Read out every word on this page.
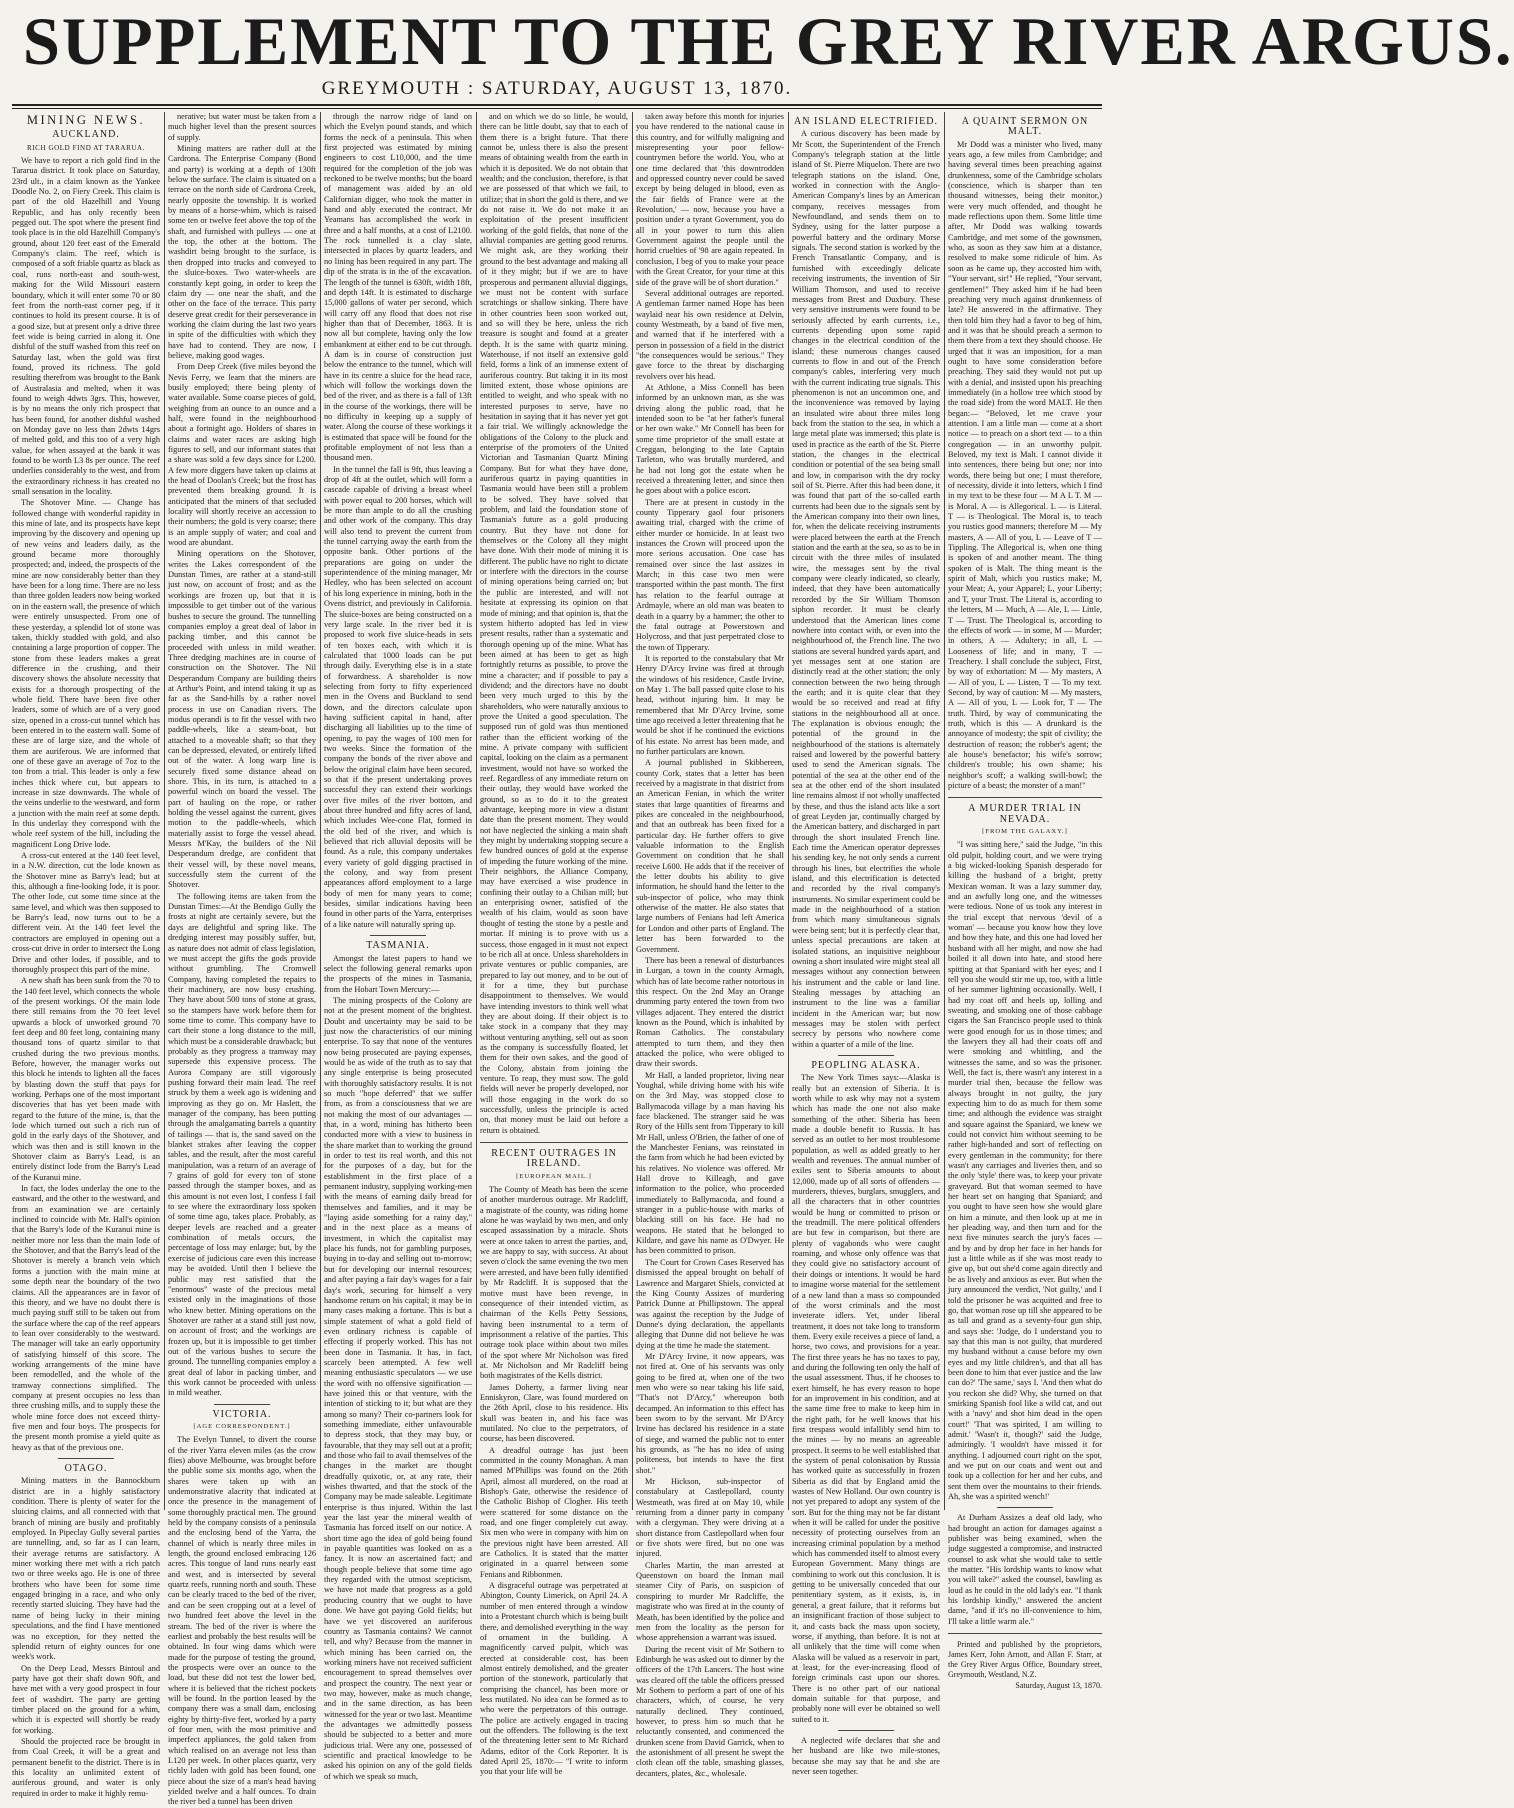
SUPPLEMENT TO THE GREY RIVER ARGUS.
GREYMOUTH : SATURDAY, AUGUST 13, 1870.
MINING NEWS.
AUCKLAND.
RICH GOLD FIND AT TARARUA.

We have to report a rich gold find in the Tararua district. It took place on Saturday, 23rd ult., in a claim known as the Yankee Doodle No. 2, on Fiery Creek. This claim is part of the old Hazelhill and Young Republic, and has only recently been pegged out. The spot where the present find took place is in the old Hazelhill Company's ground, about 120 feet east of the Emerald Company's claim. The reef, which is composed of a soft friable quartz as black as coal, runs north-east and south-west, making for the Wild Missouri eastern boundary, which it will enter some 70 or 80 feet from the north-east corner peg, if it continues to hold its present course. It is of a good size, but at present only a drive three feet wide is being carried in along it. One dishful of the stuff washed from this reef on Saturday last, when the gold was first found, proved its richness. The gold resulting therefrom was brought to the Bank of Australasia and melted, when it was found to weigh 4dwts 3grs. This, however, is by no means the only rich prospect that has been found, for another dishful washed on Monday gave no less than 2dwts 14grs of melted gold, and this too of a very high value, for when assayed at the bank it was found to be worth L3 8s per ounce. The reef underlies considerably to the west, and from the extraordinary richness it has created no small sensation in the locality.

The Shotover Mine. — Change has followed change with wonderful rapidity in this mine of late, and its prospects have kept improving by the discovery and opening up of new veins and leaders daily, as the ground became more thoroughly prospected; and, indeed, the prospects of the mine are now considerably better than they have been for a long time. There are no less than three golden leaders now being worked on in the eastern wall, the presence of which were entirely unsuspected. From one of these yesterday, a splendid lot of stone was taken, thickly studded with gold, and also containing a large proportion of copper. The stone from these leaders makes a great difference in the crushing, and their discovery shows the absolute necessity that exists for a thorough prospecting of the whole field. There have been five other leaders, some of which are of a very good size, opened in a cross-cut tunnel which has been entered in to the eastern wall. Some of these are of large size, and the whole of them are auriferous. We are informed that one of these gave an average of 7oz to the ton from a trial. This leader is only a few inches thick where cut, but appears to increase in size downwards. The whole of the veins underlie to the westward, and form a junction with the main reef at some depth. In this underlay they correspond with the whole reef system of the hill, including the magnificent Long Drive lode.

A cross-cut entered at the 140 feet level, in a N.W. direction, cut the lode known as the Shotover mine as Barry's lead; but at this, although a fine-looking lode, it is poor. The other lode, cut some time since at the same level, and which was then supposed to be Barry's lead, now turns out to be a different vein. At the 140 feet level the contractors are employed in opening out a cross-cut drive in order to intersect the Long Drive and other lodes, if possible, and to thoroughly prospect this part of the mine.

A new shaft has been sunk from the 70 to the 140 feet level, which connects the whole of the present workings. Of the main lode there still remains from the 70 feet level upwards a block of unworked ground 70 feet deep and 80 feet long, containing many thousand tons of quartz similar to that crushed during the two previous months. Before, however, the manager works out this block he intends to lighten all the faces by blasting down the stuff that pays for working. Perhaps one of the most important discoveries that has yet been made with regard to the future of the mine, is, that the lode which turned out such a rich run of gold in the early days of the Shotover, and which was then and is still known in the Shotover claim as Barry's Lead, is an entirely distinct lode from the Barry's Lead of the Kuranui mine.

In fact, the lodes underlay the one to the eastward, and the other to the westward, and from an examination we are certainly inclined to coincide with Mr. Hall's opinion that the Barry's lode of the Kuranui mine is neither more nor less than the main lode of the Shotover, and that the Barry's lead of the Shotover is merely a branch vein which forms a junction with the main mine at some depth near the boundary of the two claims. All the appearances are in favor of this theory, and we have no doubt there is much paying stuff still to be taken out from the surface where the cap of the reef appears to lean over considerably to the westward. The manager will take an early opportunity of satisfying himself of this score. The working arrangements of the mine have been remodelled, and the whole of the tramway connections simplified. The company at present occupies no less than three crushing mills, and to supply these the whole mine force does not exceed thirty-five men and four boys. The prospects for the present month promise a yield quite as heavy as that of the previous one.

OTAGO.

Mining matters in the Bannockburn district are in a highly satisfactory condition. There is plenty of water for the sluicing claims, and all connected with that branch of mining are busily and profitably employed. In Pipeclay Gully several parties are tunnelling, and, so far as I can learn, their average returns are satisfactory. A miner working there met with a rich patch two or three weeks ago. He is one of three brothers who have been for some time engaged bringing in a race, and who only recently started sluicing. They have had the name of being lucky in their mining speculations, and the find I have mentioned was no exception, for they netted the splendid return of eighty ounces for one week's work.

On the Deep Lead, Messrs Bintoul and party have got their shaft down 90ft, and have met with a very good prospect in four feet of washdirt. The party are getting timber placed on the ground for a whim, which it is expected will shortly be ready for working.

Should the projected race be brought in from Coal Creek, it will be a great and permanent benefit to the district. There is in this locality an unlimited extent of auriferous ground, and water is only required in order to make it highly remu-

nerative; but water must be taken from a much higher level than the present sources of supply.

Mining matters are rather dull at the Cardrona. The Enterprise Company (Bond and party) is working at a depth of 130ft below the surface. The claim is situated on a terrace on the north side of Cardrona Creek, nearly opposite the township. It is worked by means of a horse-whim, which is raised some ten or twelve feet above the top of the shaft, and furnished with pulleys — one at the top, the other at the bottom. The washdirt being brought to the surface, is then dropped into trucks and conveyed to the sluice-boxes. Two water-wheels are constantly kept going, in order to keep the claim dry — one near the shaft, and the other on the face of the terrace. This party deserve great credit for their perseverance in working the claim during the last two years in spite of the difficulties with which they have had to contend. They are now, I believe, making good wages.

From Deep Creek (five miles beyond the Nevis Ferry, we learn that the miners are busily employed; there being plenty of water available. Some coarse pieces of gold, weighing from an ounce to an ounce and a half, were found in the neighbourhood about a fortnight ago. Holders of shares in claims and water races are asking high figures to sell, and our informant states that a share was sold a few days since for L200. A few more diggers have taken up claims at the head of Doolan's Creek; but the frost has prevented them breaking ground. It is anticipated that the miners of that secluded locality will shortly receive an accession to their numbers; the gold is very coarse; there is an ample supply of water; and coal and wood are abundant.

Mining operations on the Shotover, writes the Lakes correspondent of the Dunstan Times, are rather at a stand-still just now, on account of frost; and as the workings are frozen up, but that it is impossible to get timber out of the various bushes to secure the ground. The tunnelling companies employ a great deal of labor in packing timber, and this cannot be proceeded with unless in mild weather. Three dredging machines are in course of construction on the Shotover. The Nil Desperandum Company are building theirs at Arthur's Point, and intend taking it up as far as the Sand-hills by a rather novel process in use on Canadian rivers. The modus operandi is to fit the vessel with two paddle-wheels, like a steam-boat, but attached to a moveable shaft; so that they can be depressed, elevated, or entirely lifted out of the water. A long warp line is securely fixed some distance ahead on shore. This, in its turn, is attached to a powerful winch on board the vessel. The part of hauling on the rope, or rather holding the vessel against the current, gives motion to the paddle-wheels, which materially assist to forge the vessel ahead. Messrs M'Kay, the builders of the Nil Desperandum dredge, are confident that their vessel will, by these novel means, successfully stem the current of the Shotover.

The following items are taken from the Dunstan Times:—At the Bendigo Gully the frosts at night are certainly severe, but the days are delightful and spring like. The dredging interest may possibly suffer, but, as nature does not admit of class legislation, we must accept the gifts the gods provide without grumbling. The Cromwell Company, having completed the repairs to their machinery, are now busy crushing. They have about 500 tons of stone at grass, so the stampers have work before them for some time to come. This company have to cart their stone a long distance to the mill, which must be a considerable drawback; but probably as they progress a tramway may supersede this expensive process. The Aurora Company are still vigorously pushing forward their main lead. The reef struck by them a week ago is widening and improving as they go on. Mr Haslett, the manager of the company, has been putting through the amalgamating barrels a quantity of tailings — that is, the sand saved on the blanket strakes after leaving the copper tables, and the result, after the most careful manipulation, was a return of an average of 7 grains of gold for every ton of stone passed through the stamper boxes, and as this amount is not even lost, I confess I fail to see where the extraordinary loss spoken of some time ago, takes place. Probably, as deeper levels are reached and a greater combination of metals occurs, the percentage of loss may enlarge; but, by the exercise of judicious care even this increase may be avoided. Until then I believe the public may rest satisfied that the "enormous" waste of the precious metal existed only in the imaginations of those who knew better. Mining operations on the Shotover are rather at a stand still just now, on account of frost; and the workings are frozen up, but it is impossible to get timber out of the various bushes to secure the ground. The tunnelling companies employ a great deal of labor in packing timber, and this work cannot be proceeded with unless in mild weather.

VICTORIA.
[AGE CORRESPONDENT.]

The Evelyn Tunnel, to divert the course of the river Yarra eleven miles (as the crow flies) above Melbourne, was brought before the public some six months ago, when the shares were taken up with an undemonstrative alacrity that indicated at once the presence in the management of some thoroughly practical men. The ground held by the company consists of a peninsula and the enclosing bend of the Yarra, the channel of which is nearly three miles in length, the ground enclosed embracing 126 acres. This tongue of land runs nearly east and west, and is intersected by several quartz reefs, running north and south. These can be clearly traced to the bed of the river, and can be seen cropping out at a level of two hundred feet above the level in the stream. The bed of the river is where the earliest and probably the best results will be obtained. In four wing dams which were made for the purpose of testing the ground, the prospects were over an ounce to the load, but these did not test the lower bed, where it is believed that the richest pockets will be found. In the portion leased by the company there was a small dam, enclosing eighty by thirty-five feet, worked by a party of four men, with the most primitive and imperfect appliances, the gold taken from which realised on an average not less than L120 per week. In other places quartz, very richly laden with gold has been found, one piece about the size of a man's head having yielded twelve and a half ounces. To drain the river bed a tunnel has been driven

through the narrow ridge of land on which the Evelyn pound stands, and which forms the neck of a peninsula. This when first projected was estimated by mining engineers to cost L10,000, and the time required for the completion of the job was reckoned to be twelve months; but the board of management was aided by an old Californian digger, who took the matter in hand and ably executed the contract. Mr Yeamans has accomplished the work in three and a half months, at a cost of L2100. The rock tunnelled is a clay slate, intersected in places by quartz leaders, and no lining has been required in any part. The dip of the strata is in the of the excavation. The length of the tunnel is 630ft, width 18ft, and depth 14ft. It is estimated to discharge 15,000 gallons of water per second, which will carry off any flood that does not rise higher than that of December, 1863. It is now all but complete, having only the low embankment at either end to be cut through. A dam is in course of construction just below the entrance to the tunnel, which will have in its centre a sluice for the head race, which will follow the workings down the bed of the river, and as there is a fall of 13ft in the course of the workings, there will be no difficulty in keeping up a supply of water. Along the course of these workings it is estimated that space will be found for the profitable employment of not less than a thousand men.

In the tunnel the fall is 9ft, thus leaving a drop of 4ft at the outlet, which will form a cascade capable of driving a breast wheel with power equal to 200 horses, which will be more than ample to do all the crushing and other work of the company. This dray will also tend to prevent the current from the tunnel carrying away the earth from the opposite bank. Other portions of the preparations are going on under the superintendence of the mining manager, Mr Hedley, who has been selected on account of his long experience in mining, both in the Ovens district, and previously in California. The sluice-boxes are being constructed on a very large scale. In the river bed it is proposed to work five sluice-heads in sets of ten boxes each, with which it is calculated that 1000 loads can be put through daily. Everything else is in a state of forwardness. A shareholder is now selecting from forty to fifty experienced men in the Ovens and Buckland to send down, and the directors calculate upon having sufficient capital in hand, after discharging all liabilities up to the time of opening, to pay the wages of 100 men for two weeks. Since the formation of the company the bonds of the river above and below the original claim have been secured, so that if the present undertaking proves successful they can extend their workings over five miles of the river bottom, and about three hundred and fifty acres of land, which includes Wee-cone Flat, formed in the old bed of the river, and which is believed that rich alluvial deposits will be found. As a rule, this company undertakes every variety of gold digging practised in the colony, and way from present appearances afford employment to a large body of men for many years to come; besides, similar indications having been found in other parts of the Yarra, enterprises of a like nature will naturally spring up.

TASMANIA.

Amongst the latest papers to hand we select the following general remarks upon the prospects of the mines in Tasmania, from the Hobart Town Mercury:—

The mining prospects of the Colony are not at the present moment of the brightest. Doubt and uncertainty may be said to be just now the characteristics of our mining enterprise. To say that none of the ventures now being prosecuted are paying expenses, would be as wide of the truth as to say that any single enterprise is being prosecuted with thoroughly satisfactory results. It is not so much "hope deferred" that we suffer from, as from a consciousness that we are not making the most of our advantages — that, in a word, mining has hitherto been conducted more with a view to business in the share market than to working the ground in order to test its real worth, and this not for the purposes of a day, but for the establishment in the first place of a permanent industry, supplying working-men with the means of earning daily bread for themselves and families, and it may be "laying aside something for a rainy day," and in the next place as a means of investment, in which the capitalist may place his funds, not for gambling purposes, buying in to-day and selling out to-morrow; but for developing our internal resources; and after paying a fair day's wages for a fair day's work, securing for himself a very handsome return on his capital; it may be in many cases making a fortune. This is but a simple statement of what a gold field of even ordinary richness is capable of effecting if properly worked. This has not been done in Tasmania. It has, in fact, scarcely been attempted. A few well meaning enthusiastic speculators — we use the word with no offensive signification — have joined this or that venture, with the intention of sticking to it; but what are they among so many? Their co-partners look for something immediate, either unfavourable to depress stock, that they may buy, or favourable, that they may sell out at a profit; and those who fail to avail themselves of the changes in the market are thought dreadfully quixotic, or, at any rate, their wishes thwarted, and that the stock of the Company may be made saleable. Legitimate enterprise is thus injured. Within the last year the last year the mineral wealth of Tasmania has forced itself on our notice. A short time ago the idea of gold being found in payable quantities was looked on as a fancy. It is now an ascertained fact; and though people believe that some time ago they regarded with the utmost scepticism, we have not made that progress as a gold producing country that we ought to have done. We have got paying Gold fields; but have we yet discovered an auriferous country as Tasmania contains? We cannot tell, and why? Because from the manner in which mining has been carried on, the working miners have not received sufficient encouragement to spread themselves over and prospect the country. The next year or two may, however, make as much change, and in the same direction, as has been witnessed for the year or two last. Meantime the advantages we admittedly possess should be subjected to a better and more judicious trial. Were any one, possessed of scientific and practical knowledge to be asked his opinion on any of the gold fields of which we speak so much,

and on which we do so little, he would, there can be little doubt, say that to each of them there is a bright future. That there cannot be, unless there is also the present means of obtaining wealth from the earth in which it is deposited. We do not obtain that wealth; and the conclusion, therefore, is that we are possessed of that which we fail, to utilize; that in short the gold is there, and we do not raise it. We do not make it an exploitation of the present insufficient working of the gold fields, that none of the alluvial companies are getting good returns. We might ask, are they working their ground to the best advantage and making all of it they might; but if we are to have prosperous and permanent alluvial diggings, we must not be content with surface scratchings or shallow sinking. There have in other countries been soon worked out, and so will they be here, unless the rich treasure is sought and found at a greater depth. It is the same with quartz mining. Waterhouse, if not itself an extensive gold field, forms a link of an immense extent of auriferous country. But taking it in its most limited extent, those whose opinions are entitled to weight, and who speak with no interested purposes to serve, have no hesitation in saying that it has never yet got a fair trial. We willingly acknowledge the obligations of the Colony to the pluck and enterprise of the promoters of the United Victorian and Tasmanian Quartz Mining Company. But for what they have done, auriferous quartz in paying quantities in Tasmania would have been still a problem to be solved. They have solved that problem, and laid the foundation stone of Tasmania's future as a gold producing country. But they have not done for themselves or the Colony all they might have done. With their mode of mining it is different. The public have no right to dictate or interfere with the directors in the course of mining operations being carried on; but the public are interested, and will not hesitate at expressing its opinion on that mode of mining; and that opinion is, that the system hitherto adopted has led in view present results, rather than a systematic and thorough opening up of the mine. What has been aimed at has been to get as high fortnightly returns as possible, to prove the mine a character; and if possible to pay a dividend; and the directors have no doubt been very much urged to this by the shareholders, who were naturally anxious to prove the United a good speculation. The supposed run of gold was thus mentioned rather than the efficient working of the mine. A private company with sufficient capital, looking on the claim as a permanent investment, would not have so worked the reef. Regardless of any immediate return on their outlay, they would have worked the ground, so as to do it to the greatest advantage, keeping more in view a distant date than the present moment. They would not have neglected the sinking a main shaft they might by undertaking stopping secure a few hundred ounces of gold at the expense of impeding the future working of the mine. Their neighbors, the Alliance Company, may have exercised a wise prudence in confining their outlay to a Chilian mill; but an enterprising owner, satisfied of the wealth of his claim, would as soon have thought of testing the stone by a pestle and mortar. If mining is to prove with us a success, those engaged in it must not expect to be rich all at once. Unless shareholders in private ventures or public companies, are prepared to lay out money, and to be out of it for a time, they but purchase disappointment to themselves. We would have intending investors to think well what they are about doing. If their object is to take stock in a company that they may without venturing anything, sell out as soon as the company is successfully floated, let them for their own sakes, and the good of the Colony, abstain from joining the venture. To reap, they must sow. The gold fields will never be properly developed, nor will those engaging in the work do so successfully, unless the principle is acted on, that money must be laid out before a return is obtained.

RECENT OUTRAGES IN IRELAND.
[EUROPEAN MAIL.]

The County of Meath has been the scene of another murderous outrage. Mr Radcliff, a magistrate of the county, was riding home alone he was waylaid by two men, and only escaped assassination by a miracle. Shots were at once taken to arrest the parties, and, we are happy to say, with success. At about seven o'clock the same evening the two men were arrested, and have been fully identified by Mr Radcliff. It is supposed that the motive must have been revenge, in consequence of their intended victim, as chairman of the Kells Petty Sessions, having been instrumental to a term of imprisonment a relative of the parties. This outrage took place within about two miles of the spot where Mr Nicholson was fired at. Mr Nicholson and Mr Radcliff being both magistrates of the Kells district.

James Doherty, a farmer living near Enniskyron, Clare, was found murdered on the 26th April, close to his residence. His skull was beaten in, and his face was mutilated. No clue to the perpetrators, of course, has been discovered.

A dreadful outrage has just been committed in the county Monaghan. A man named M'Phillips was found on the 26th April, almost all murdered, on the road at Bishop's Gate, otherwise the residence of the Catholic Bishop of Clogher. His teeth were scattered for some distance on the road, and one finger completely cut away. Six men who were in company with him on the previous night have been arrested. All are Catholics. It is stated that the matter originated in a quarrel between some Fenians and Ribbonmen.

A disgraceful outrage was perpetrated at Abington, County Limerick, on April 24. A number of men entered through a window into a Protestant church which is being built there, and demolished everything in the way of ornament in the building. A magnificently carved pulpit, which was erected at considerable cost, has been almost entirely demolished, and the greater portion of the stonework, particularly that comprising the chancel, has been more or less mutilated. No idea can be formed as to who were the perpetrators of this outrage. The police are actively engaged in tracing out the offenders. The following is the text of the threatening letter sent to Mr Richard Adams, editor of the Cork Reporter. It is dated April 25, 1870:— "I write to inform you that your life will be

taken away before this month for injuries you have rendered to the national cause in this country, and for wilfully maligning and misrepresenting your poor fellow-countrymen before the world. You, who at one time declared that 'this downtrodden and oppressed country never could be saved except by being deluged in blood, even as the fair fields of France were at the Revolution,' — now, because you have a position under a tyrant Government, you do all in your power to turn this alien Government against the people until the horrid cruelties of '98 are again repeated. In conclusion, I beg of you to make your peace with the Great Creator, for your time at this side of the grave will be of short duration."

Several additional outrages are reported. A gentleman farmer named Hope has been waylaid near his own residence at Delvin, county Westmeath, by a band of five men, and warned that if he interfered with a person in possession of a field in the district "the consequences would be serious." They gave force to the threat by discharging revolvers over his head.

At Athlone, a Miss Connell has been informed by an unknown man, as she was driving along the public road, that he intended soon to be "at her father's funeral or her own wake." Mr Connell has been for some time proprietor of the small estate at Creggan, belonging to the late Captain Tarleton, who was brutally murdered, and he had not long got the estate when he received a threatening letter, and since then he goes about with a police escort.

There are at present in custody in the county Tipperary gaol four prisoners awaiting trial, charged with the crime of either murder or homicide. In at least two instances the Crown will proceed upon the more serious accusation. One case has remained over since the last assizes in March; in this case two men were transported within the past month. The first has relation to the fearful outrage at Ardmayle, where an old man was beaten to death in a quarry by a hammer; the other to the fatal outrage at Powerstown and Holycross, and that just perpetrated close to the town of Tipperary.

It is reported to the constabulary that Mr Henry D'Arcy Irvine was fired at through the windows of his residence, Castle Irvine, on May 1. The ball passed quite close to his head, without injuring him. It may be remembered that Mr D'Arcy Irvine, some time ago received a letter threatening that he would be shot if he continued the evictions of his estate. No arrest has been made, and no further particulars are known.

A journal published in Skibbereen, county Cork, states that a letter has been received by a magistrate in that district from an American Fenian, in which the writer states that large quantities of firearms and pikes are concealed in the neighbourhood, and that an outbreak has been fixed for a particular day. He further offers to give valuable information to the English Government on condition that he shall receive L600. He adds that if the receiver of the letter doubts his ability to give information, he should hand the letter to the sub-inspector of police, who may think otherwise of the matter. He also states that large numbers of Fenians had left America for London and other parts of England. The letter has been forwarded to the Government.

There has been a renewal of disturbances in Lurgan, a town in the county Armagh, which has of late become rather notorious in this respect. On the 2nd May an Orange drumming party entered the town from two villages adjacent. They entered the district known as the Pound, which is inhabited by Roman Catholics. The constabulary attempted to turn them, and they then attacked the police, who were obliged to draw their swords.

Mr Hall, a landed proprietor, living near Youghal, while driving home with his wife on the 3rd May, was stopped close to Ballymacoda village by a man having his face blackened. The stranger said he was Rory of the Hills sent from Tipperary to kill Mr Hall, unless O'Brien, the father of one of the Manchester Fenians, was reinstated in the farm from which he had been evicted by his relatives. No violence was offered. Mr Hall drove to Killeagh, and gave information to the police, who proceeded immediately to Ballymacoda, and found a stranger in a public-house with marks of blacking still on his face. He had no weapons. He stated that he belonged to Kildare, and gave his name as O'Dwyer. He has been committed to prison.

The Court for Crown Cases Reserved has dismissed the appeal brought on behalf of Lawrence and Margaret Shiels, convicted at the King County Assizes of murdering Patrick Dunne at Phillipstown. The appeal was against the reception by the Judge of Dunne's dying declaration, the appellants alleging that Dunne did not believe he was dying at the time he made the statement.

Mr D'Arcy Irvine, it now appears, was not fired at. One of his servants was only going to be fired at, when one of the two men who were so near taking his life said, "That's not D'Arcy," whereupon both decamped. An information to this effect has been sworn to by the servant. Mr D'Arcy Irvine has declared his residence in a state of siege, and warned the public not to enter his grounds, as "he has no idea of using politeness, but intends to have the first shot."

Mr Hickson, sub-inspector of constabulary at Castlepollard, county Westmeath, was fired at on May 10, while returning from a dinner party in company with a clergyman. They were driving at a short distance from Castlepollard when four or five shots were fired, but no one was injured.

Charles Martin, the man arrested at Queenstown on board the Inman mail steamer City of Paris, on suspicion of conspiring to murder Mr Radcliffe, the magistrate who was fired at in the county of Meath, has been identified by the police and men from the locality as the person for whose apprehension a warrant was issued.

During the recent visit of Mr Sothern to Edinburgh he was asked out to dinner by the officers of the 17th Lancers. The host wine was cleared off the table the officers pressed Mr Sothern to perform a part of one of his characters, which, of course, he very naturally declined. They continued, however, to press him so much that he reluctantly consented, and commenced the drunken scene from David Garrick, when to the astonishment of all present he swept the cloth clean off the table, smashing glasses, decanters, plates, &c., wholesale.

AN ISLAND ELECTRIFIED.

A curious discovery has been made by Mr Scott, the Superintendent of the French Company's telegraph station at the little island of St. Pierre Miquelon. There are two telegraph stations on the island. One, worked in connection with the Anglo-American Company's lines by an American company, receives messages from Newfoundland, and sends them on to Sydney, using for the latter purpose a powerful battery and the ordinary Morse signals. The second station is worked by the French Transatlantic Company, and is furnished with exceedingly delicate receiving instruments, the invention of Sir William Thomson, and used to receive messages from Brest and Duxbury. These very sensitive instruments were found to be seriously affected by earth currents, i.e., currents depending upon some rapid changes in the electrical condition of the island; these numerous changes caused currents to flow in and out of the French company's cables, interfering very much with the current indicating true signals. This phenomenon is not an uncommon one, and the inconvenience was removed by laying an insulated wire about three miles long back from the station to the sea, in which a large metal plate was immersed; this plate is used in practice as the earth of the St. Pierre station, the changes in the electrical condition or potential of the sea being small and low, in comparison with the dry rocky soil of St. Pierre. After this had been done, it was found that part of the so-called earth currents had been due to the signals sent by the American company into their own lines, for, when the delicate receiving instruments were placed between the earth at the French station and the earth at the sea, so as to be in circuit with the three miles of insulated wire, the messages sent by the rival company were clearly indicated, so clearly, indeed, that they have been automatically recorded by the Sir William Thomson siphon recorder. It must be clearly understood that the American lines come nowhere into contact with, or even into the neighbourhood of, the French line. The two stations are several hundred yards apart, and yet messages sent at one station are distinctly read at the other station; the only connection between the two being through the earth; and it is quite clear that they would be so received and read at fifty stations in the neighbourhood all at once. The explanation is obvious enough; the potential of the ground in the neighbourhood of the stations is alternately raised and lowered by the powerful battery used to send the American signals. The potential of the sea at the other end of the sea at the other end of the short insulated line remains almost if not wholly unaffected by these, and thus the island acts like a sort of great Leyden jar, continually charged by the American battery, and discharged in part through the short insulated French line. Each time the American operator depresses his sending key, he not only sends a current through his lines, but electrifies the whole island, and this electrification is detected and recorded by the rival company's instruments. No similar experiment could be made in the neighbourhood of a station from which many simultaneous signals were being sent; but it is perfectly clear that, unless special precautions are taken at isolated stations, an inquisitive neighbour owning a short insulated wire might steal all messages without any connection between his instrument and the cable or land line. Stealing messages by attaching an instrument to the line was a familiar incident in the American war; but now messages may be stolen with perfect secrecy by persons who nowhere come within a quarter of a mile of the line.

PEOPLING ALASKA.

The New York Times says:—Alaska is really but an extension of Siberia. It is worth while to ask why may not a system which has made the one not also make something of the other. Siberia has been made a double benefit to Russia. It has served as an outlet to her most troublesome population, as well as added greatly to her wealth and revenues. The annual number of exiles sent to Siberia amounts to about 12,000, made up of all sorts of offenders — murderers, thieves, burglars, smugglers, and all the characters that in other countries would be hung or committed to prison or the treadmill. The mere political offenders are but few in comparison, but there are plenty of vagabonds who were caught roaming, and whose only offence was that they could give no satisfactory account of their doings or intentions. It would be hard to imagine worse material for the settlement of a new land than a mass so compounded of the worst criminals and the most inveterate idlers. Yet, under liberal treatment, it does not take long to transform them. Every exile receives a piece of land, a horse, two cows, and provisions for a year. The first three years he has no taxes to pay, and during the following ten only the half of the usual assessment. Thus, if he chooses to exert himself, he has every reason to hope for an improvement in his condition, and at the same time free to make to keep him in the right path, for he well knows that his first trespass would infallibly send him to the mines — by no means an agreeable prospect. It seems to be well established that the system of penal colonisation by Russia has worked quite as successfully in frozen Siberia as did that by England amid the wastes of New Holland. Our own country is not yet prepared to adopt any system of the sort. But for the thing may not be far distant when it will be called for under the positive necessity of protecting ourselves from an increasing criminal population by a method which has commended itself to almost every European Government. Many things are combining to work out this conclusion. It is getting to be universally conceded that our penitentiary system, as it exists, is, in general, a great failure, that it reforms but an insignificant fraction of those subject to it, and casts back the mass upon society, worse, if anything, than before. It is not at all unlikely that the time will come when Alaska will be valued as a reservoir in part, at least, for the ever-increasing flood of foreign criminals cast upon our shores. There is no other part of our national domain suitable for that purpose, and probably none will ever be obtained so well suited to it.

A neglected wife declares that she and her husband are like two mile-stones, because she may say that he and she are never seen together.

A QUAINT SERMON ON MALT.

Mr Dodd was a minister who lived, many years ago, a few miles from Cambridge; and having several times been preaching against drunkenness, some of the Cambridge scholars (conscience, which is sharper than ten thousand witnesses, being their monitor,) were very much offended, and thought he made reflections upon them. Some little time after, Mr Dodd was walking towards Cambridge, and met some of the gownsmen, who, as soon as they saw him at a distance, resolved to make some ridicule of him. As soon as he came up, they accosted him with, "Your servant, sir!" He replied, "Your servant, gentlemen!" They asked him if he had been preaching very much against drunkenness of late? He answered in the affirmative. They then told him they had a favor to beg of him, and it was that he should preach a sermon to them there from a text they should choose. He urged that it was an imposition, for a man ought to have some consideration before preaching. They said they would not put up with a denial, and insisted upon his preaching immediately (in a hollow tree which stood by the road side) from the word MALT. He then began:— "Beloved, let me crave your attention. I am a little man — come at a short notice — to preach on a short text — to a thin congregation — in an unworthy pulpit. Beloved, my text is Malt. I cannot divide it into sentences, there being but one; nor into words, there being but one; I must therefore, of necessity, divide it into letters, which I find in my text to be these four — M A L T. M — is Moral. A — is Allegorical. L — is Literal. T — is Theological. The Moral is, to teach you rustics good manners; therefore M — My masters, A — All of you, L — Leave of T — Tippling. The Allegorical is, when one thing is spoken of and another meant. The thing spoken of is Malt. The thing meant is the spirit of Malt, which you rustics make; M, your Meat; A, your Apparel; L, your Liberty; and T, your Trust. The Literal is, according to the letters, M — Much, A — Ale, L — Little, T — Trust. The Theological is, according to the effects of work — in some, M — Murder; in others, A — Adultery; in all, L — Looseness of life; and in many, T — Treachery. I shall conclude the subject, First, by way of exhortation: M — My masters, A — All of you, L — Listen, T — To my text. Second, by way of caution: M — My masters, A — All of you, L — Look for, T — The truth. Third, by way of communicating the truth, which is this — A drunkard is the annoyance of modesty; the spit of civility; the destruction of reason; the robber's agent; the ale house's benefactor; his wife's sorrow; children's trouble; his own shame; his neighbor's scoff; a walking swill-bowl; the picture of a beast; the monster of a man!"

A MURDER TRIAL IN NEVADA.
[FROM THE GALAXY.]

"I was sitting here," said the Judge, "in this old pulpit, holding court, and we were trying a big wicked-looking Spanish desperado for killing the husband of a bright, pretty Mexican woman. It was a lazy summer day, and an awfully long one, and the witnesses were tedious. None of us took any interest in the trial except that nervous 'devil of a woman' — because you know how they love and how they hate, and this one had loved her husband with all her might, and now she had boiled it all down into hate, and stood here spitting at that Spaniard with her eyes; and I tell you she would stir me up, too, with a little of her summer lightning occasionally. Well, I had my coat off and heels up, lolling and sweating, and smoking one of those cabbage cigars the San Francisco people used to think were good enough for us in those times; and the lawyers they all had their coats off and were smoking and whittling, and the witnesses the same, and so was the prisoner. Well, the fact is, there wasn't any interest in a murder trial then, because the fellow was always brought in not guilty, the jury expecting him to do as much for them some time; and although the evidence was straight and square against the Spaniard, we knew we could not convict him without seeming to be rather high-handed and sort of reflecting on every gentleman in the community; for there wasn't any carriages and liveries then, and so the only 'style' there was, to keep your private graveyard. But that woman seemed to have her heart set on hanging that Spaniard; and you ought to have seen how she would glare on him a minute, and then look up at me in her pleading way, and then turn and for the next five minutes search the jury's faces — and by and by drop her face in her hands for just a little while as if she was most ready to give up, but out she'd come again directly and be as lively and anxious as ever. But when the jury announced the verdict, 'Not guilty,' and I told the prisoner he was acquitted and free to go, that woman rose up till she appeared to be as tall and grand as a seventy-four gun ship, and says she: 'Judge, do I understand you to say that this man is not guilty, that murdered my husband without a cause before my own eyes and my little children's, and that all has been done to him that ever justice and the law can do?' 'The same,' says I. 'And then what do you reckon she did? Why, she turned on that smirking Spanish fool like a wild cat, and out with a 'navy' and shot him dead in the open court!' 'That was spirited, I am willing to admit.' 'Wasn't it, though?' said the Judge, admiringly. 'I wouldn't have missed it for anything. I adjourned court right on the spot, and we put on our coats and went out and took up a collection for her and her cubs, and sent them over the mountains to their friends. Ah, she was a spirited wench!'

At Durham Assizes a deaf old lady, who had brought an action for damages against a publisher was being examined, when the judge suggested a compromise, and instructed counsel to ask what she would take to settle the matter. "His lordship wants to know what you will take?" asked the counsel, bawling as loud as he could in the old lady's ear. "I thank his lordship kindly," answered the ancient dame, "and if it's no ill-convenience to him, I'll take a little warm ale."

Printed and published by the proprietors, James Kerr, John Arnott, and Allan F. Starr, at the Grey River Argus Office, Boundary street, Greymouth, Westland, N.Z.

Saturday, August 13, 1870.
